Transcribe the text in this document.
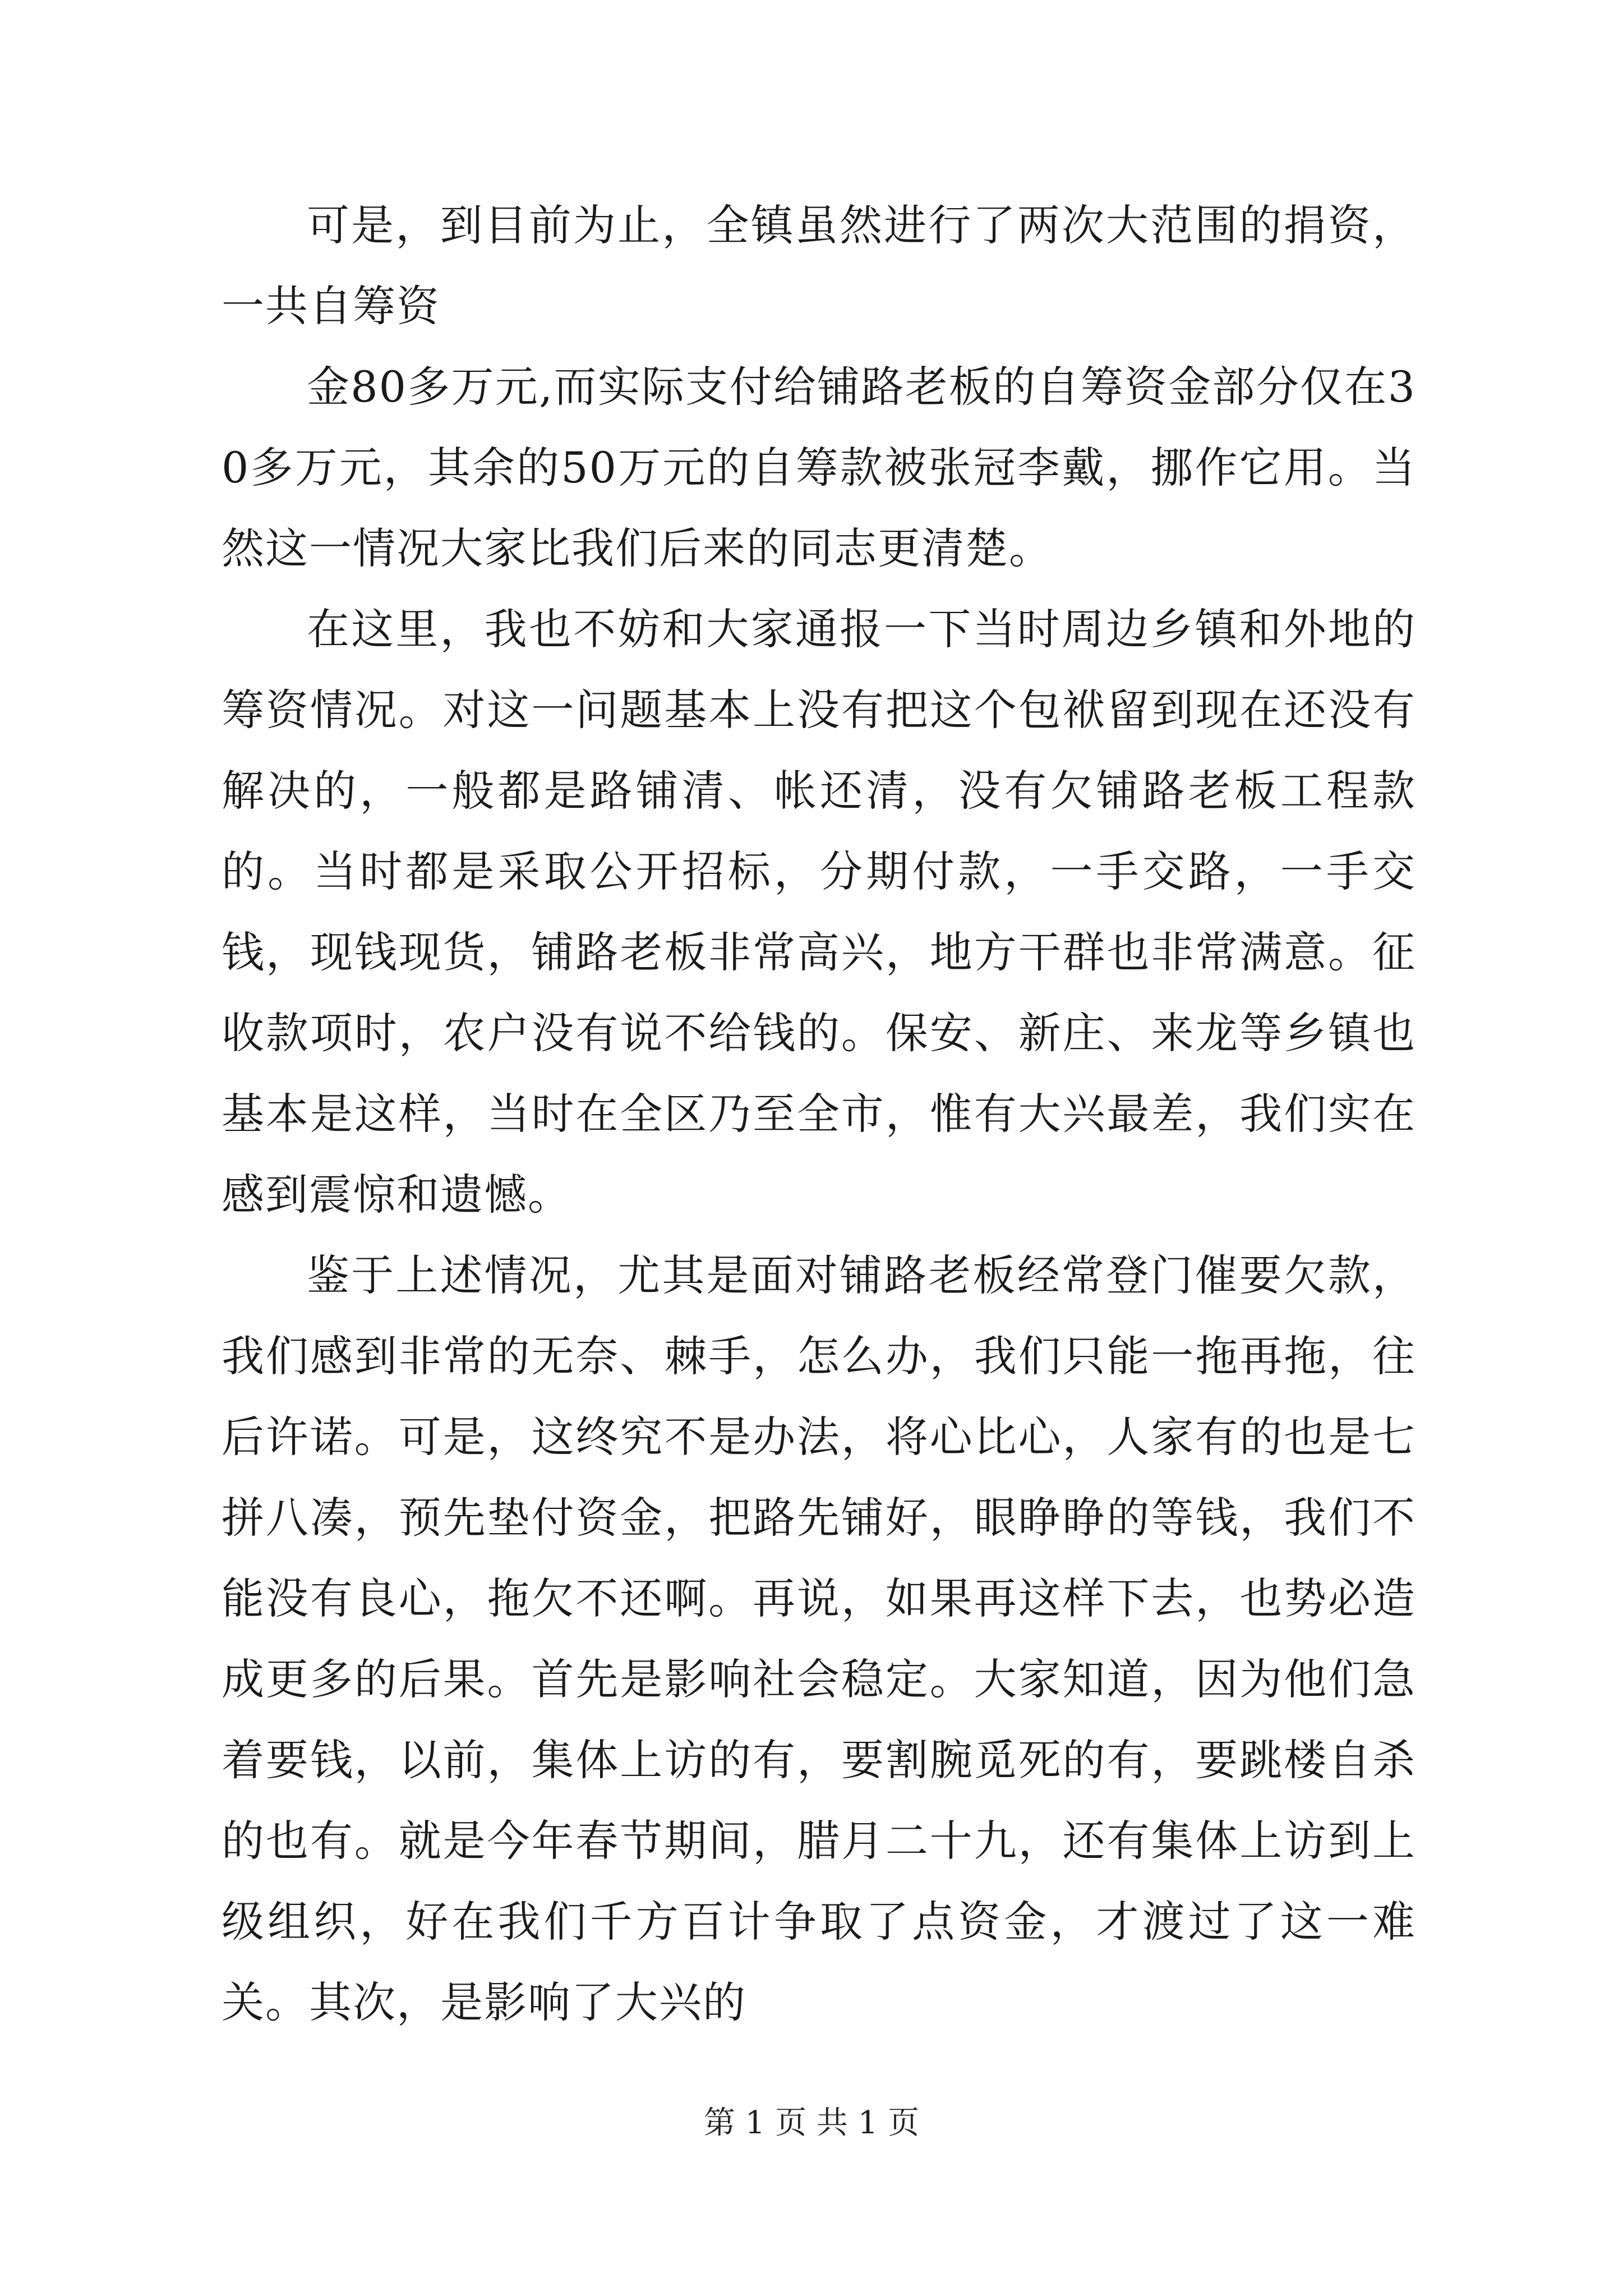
可是，到目前为止，全镇虽然进行了两次大范围的捐资，一共自筹资

金80多万元,而实际支付给铺路老板的自筹资金部分仅在30多万元，其余的50万元的自筹款被张冠李戴，挪作它用。当然这一情况大家比我们后来的同志更清楚。

在这里，我也不妨和大家通报一下当时周边乡镇和外地的筹资情况。对这一问题基本上没有把这个包袱留到现在还没有解决的，一般都是路铺清、帐还清，没有欠铺路老板工程款的。当时都是采取公开招标，分期付款，一手交路，一手交钱，现钱现货，铺路老板非常高兴，地方干群也非常满意。征收款项时，农户没有说不给钱的。保安、新庄、来龙等乡镇也基本是这样，当时在全区乃至全市，惟有大兴最差，我们实在感到震惊和遗憾。

鉴于上述情况，尤其是面对铺路老板经常登门催要欠款，我们感到非常的无奈、棘手，怎么办，我们只能一拖再拖，往后许诺。可是，这终究不是办法，将心比心，人家有的也是七拼八凑，预先垫付资金，把路先铺好，眼睁睁的等钱，我们不能没有良心，拖欠不还啊。再说，如果再这样下去，也势必造成更多的后果。首先是影响社会稳定。大家知道，因为他们急着要钱，以前，集体上访的有，要割腕觅死的有，要跳楼自杀的也有。就是今年春节期间，腊月二十九，还有集体上访到上级组织，好在我们千方百计争取了点资金，才渡过了这一难关。其次，是影响了大兴的

第 1 页 共 1 页
